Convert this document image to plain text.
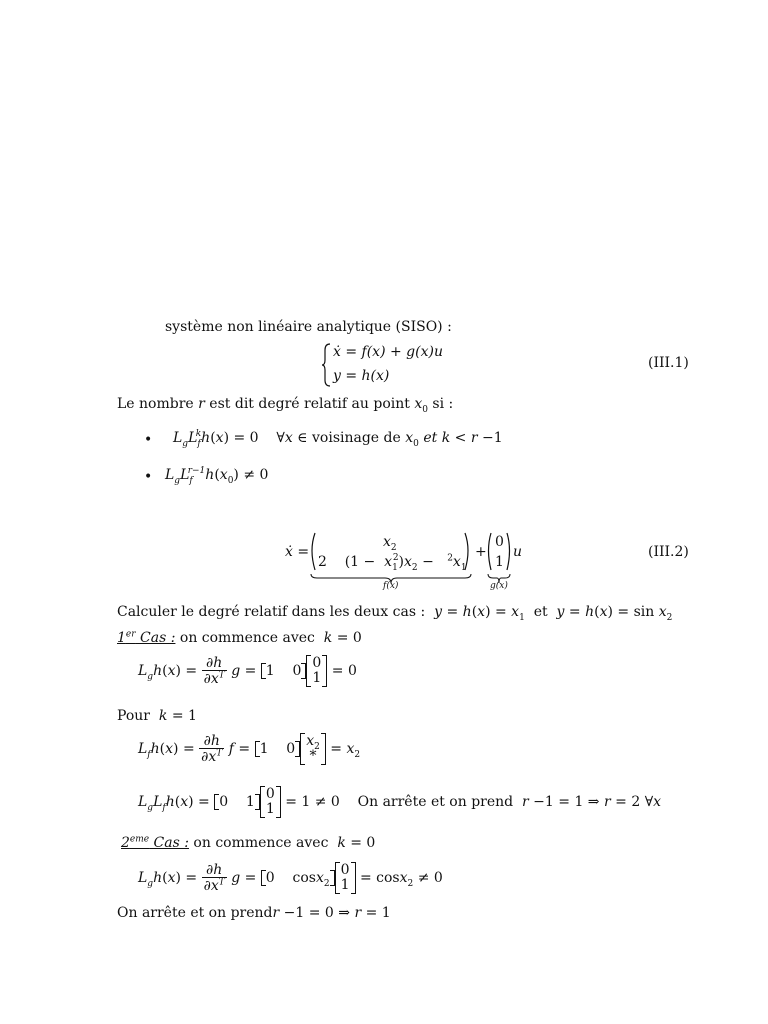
système non linéaire analytique (SISO) :
ẋ = f(x) + g(x)u
y = h(x)
(III.1)
Le nombre r est dit degré relatif au point $x_0$ si :
• $L_gL_f^kh(x) = 0$    ∀x ∈ voisinage de $x_0$ et k < r −1
• $L_gL_f^{r-1}h(x_0) \ne 0$
ẋ =
$x_2$
2    $(1 - x_1^2)x_2 - ^2x_1$
f(x)
+
0
1
g(x)
u	(III.2)
Calculer le degré relatif dans les deux cas :  $y = h(x) = x_1$  et  $y = h(x) = \sin x_2$
1er Cas : on commence avec  k = 0
$L_gh(x) = \frac{\partial h}{\partial x^T}$ g = 1    0 0
1 = 0
Pour  k = 1
$L_fh(x) = \frac{\partial h}{\partial x^T}$ f = 1    0 $x_2$
* = $x_2$
$L_gL_fh(x) = 0$    1 0
1 = 1 ≠ 0    On arrête et on prend  r −1 = 1 ⇒ r = 2 ∀x
2eme Cas : on commence avec  k = 0
$L_gh(x) = \frac{\partial h}{\partial x^T}$ g = 0    cosx$_2$
0
1 = cosx$_2$ ≠ 0
On arrête et on prendr −1 = 0 ⇒ r = 1
